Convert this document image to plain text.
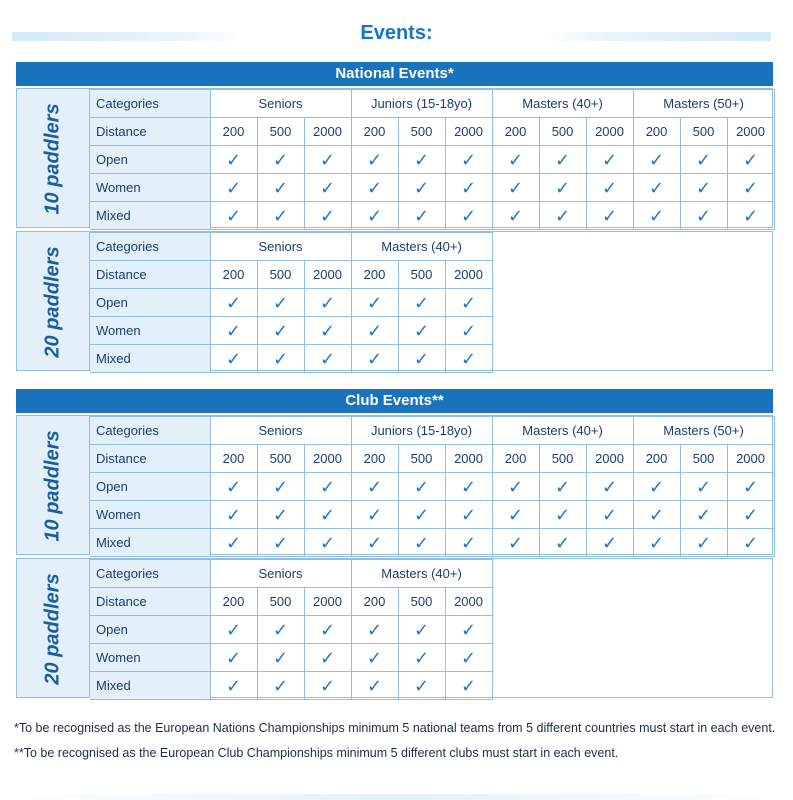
Events:
National Events*
10 paddlers	Categories	Seniors			Juniors (15-18yo)			Masters (40+)			Masters (50+)		
Distance	200	500	2000	200	500	2000	200	500	2000	200	500	2000
Open	✓	✓	✓	✓	✓	✓	✓	✓	✓	✓	✓	✓
Women	✓	✓	✓	✓	✓	✓	✓	✓	✓	✓	✓	✓
Mixed	✓	✓	✓	✓	✓	✓	✓	✓	✓	✓	✓	✓
20 paddlers	Categories	Seniors			Masters (40+)		
Distance	200	500	2000	200	500	2000
Open	✓	✓	✓	✓	✓	✓
Women	✓	✓	✓	✓	✓	✓
Mixed	✓	✓	✓	✓	✓	✓
Club Events**
10 paddlers	Categories	Seniors			Juniors (15-18yo)			Masters (40+)			Masters (50+)		
Distance	200	500	2000	200	500	2000	200	500	2000	200	500	2000
Open	✓	✓	✓	✓	✓	✓	✓	✓	✓	✓	✓	✓
Women	✓	✓	✓	✓	✓	✓	✓	✓	✓	✓	✓	✓
Mixed	✓	✓	✓	✓	✓	✓	✓	✓	✓	✓	✓	✓
20 paddlers	Categories	Seniors			Masters (40+)		
Distance	200	500	2000	200	500	2000
Open	✓	✓	✓	✓	✓	✓
Women	✓	✓	✓	✓	✓	✓
Mixed	✓	✓	✓	✓	✓	✓

*To be recognised as the European Nations Championships minimum 5 national teams from 5 different countries must start in each event.

**To be recognised as the European Club Championships minimum 5 different clubs must start in each event.
